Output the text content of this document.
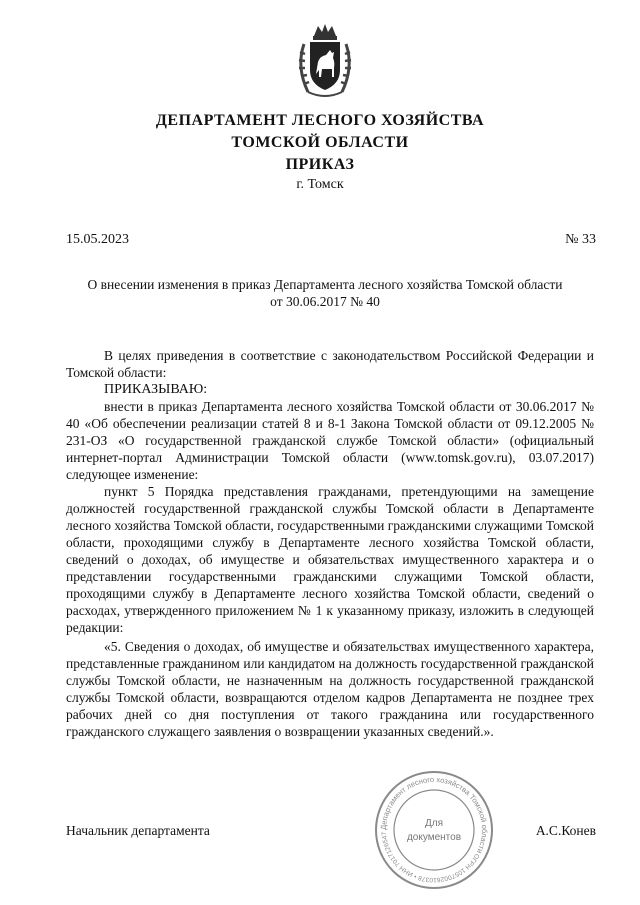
ДЕПАРТАМЕНТ ЛЕСНОГО ХОЗЯЙСТВА
ТОМСКОЙ ОБЛАСТИ
ПРИКАЗ
г. Томск
15.05.2023	№ 33
О внесении изменения в приказ Департамента лесного хозяйства Томской области
от 30.06.2017 № 40

В целях приведения в соответствие с законодательством Российской Федерации и Томской области:

ПРИКАЗЫВАЮ:

внести в приказ Департамента лесного хозяйства Томской области от 30.06.2017 № 40 «Об обеспечении реализации статей 8 и 8-1 Закона Томской области от 09.12.2005 № 231-ОЗ «О государственной гражданской службе Томской области» (официальный интернет-портал Администрации Томской области (www.tomsk.gov.ru), 03.07.2017) следующее изменение:

пункт 5 Порядка представления гражданами, претендующими на замещение должностей государственной гражданской службы Томской области в Департаменте лесного хозяйства Томской области, государственными гражданскими служащими Томской области, проходящими службу в Департаменте лесного хозяйства Томской области, сведений о доходах, об имуществе и обязательствах имущественного характера и о представлении государственными гражданскими служащими Томской области, проходящими службу в Департаменте лесного хозяйства Томской области, сведений о расходах, утвержденного приложением № 1 к указанному приказу, изложить в следующей редакции:

«5. Сведения о доходах, об имуществе и обязательствах имущественного характера, представленные гражданином или кандидатом на должность государственной гражданской службы Томской области, не назначенным на должность государственной гражданской службы Томской области, возвращаются отделом кадров Департамента не позднее трех рабочих дней со дня поступления от такого гражданина или государственного гражданского служащего заявления о возвращении указанных сведений.».

Начальник департамента	А.С.Конев
Департамент лесного хозяйства Томской области
ОГРН 1057002610378 • ИНН 7017126547
Для
документов
